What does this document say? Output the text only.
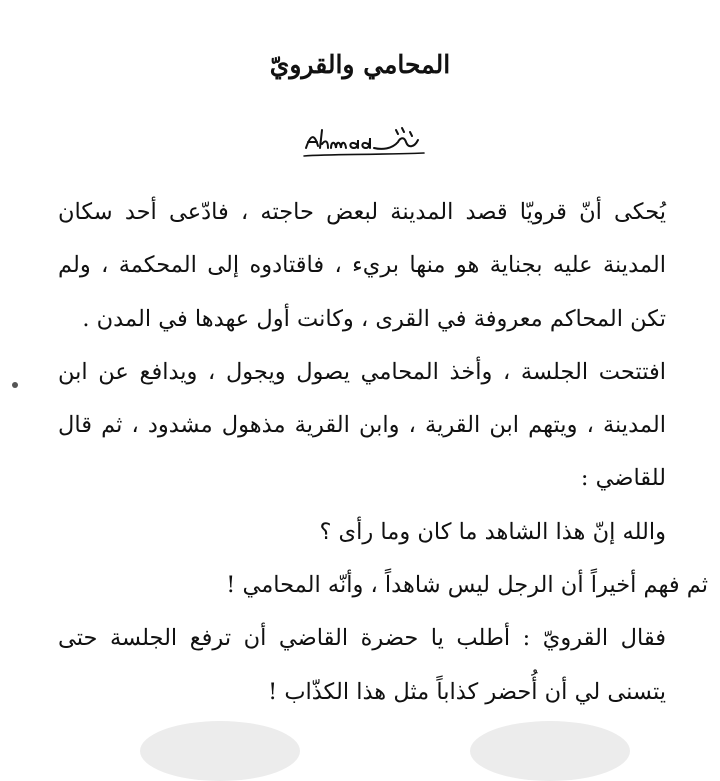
المحامي والقرويّ

يُحكى أنّ قرويّا قصد المدينة لبعض حاجته ، فادّعى أحد سكان المدينة عليه بجناية هو منها بريء ، فاقتادوه إلى المحكمة ، ولم تكن المحاكم معروفة في القرى ، وكانت أول عهدها في المدن .

افتتحت الجلسة ، وأخذ المحامي يصول ويجول ، ويدافع عن ابن المدينة ، ويتهم ابن القرية ، وابن القرية مذهول مشدود ، ثم قال للقاضي :

والله إنّ هذا الشاهد ما كان وما رأى ؟

ثم فهم أخيراً أن الرجل ليس شاهداً ، وأنّه المحامي !

فقال القرويّ : أطلب يا حضرة القاضي أن ترفع الجلسة حتى يتسنى لي أن أُحضر كذاباً مثل هذا الكذّاب !
